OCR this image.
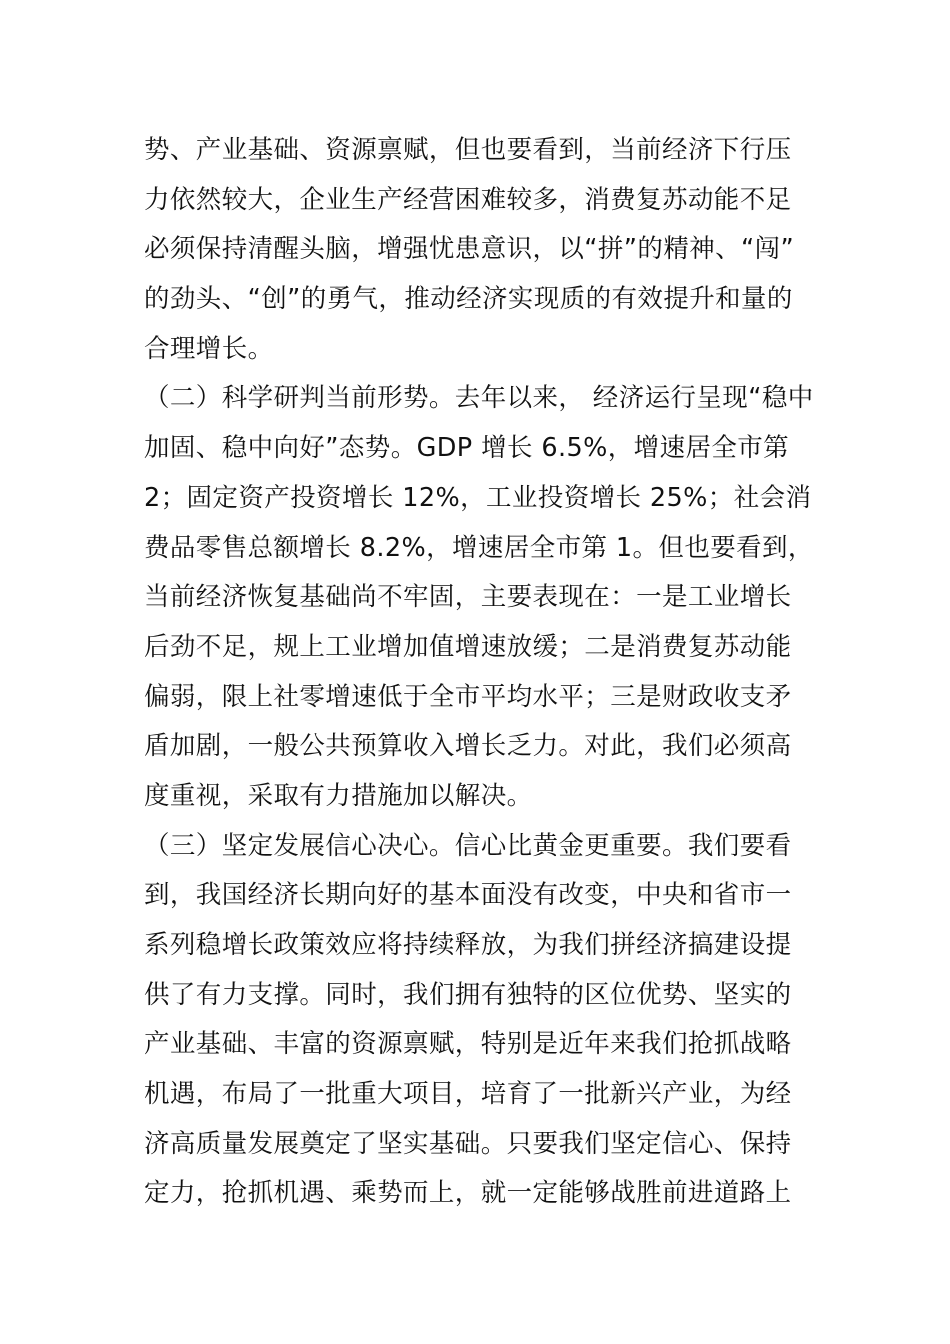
势、产业基础、资源禀赋，但也要看到，当前经济下行压
力依然较大，企业生产经营困难较多，消费复苏动能不足
必须保持清醒头脑，增强忧患意识，以“拼”的精神、“闯”
的劲头、“创”的勇气，推动经济实现质的有效提升和量的
合理增长。
（二）科学研判当前形势。去年以来， 经济运行呈现“稳中
加固、稳中向好”态势。GDP 增长 6.5%，增速居全市第
2；固定资产投资增长 12%，工业投资增长 25%；社会消
费品零售总额增长 8.2%，增速居全市第 1。但也要看到，
当前经济恢复基础尚不牢固，主要表现在：一是工业增长
后劲不足，规上工业增加值增速放缓；二是消费复苏动能
偏弱，限上社零增速低于全市平均水平；三是财政收支矛
盾加剧，一般公共预算收入增长乏力。对此，我们必须高
度重视，采取有力措施加以解决。
（三）坚定发展信心决心。信心比黄金更重要。我们要看
到，我国经济长期向好的基本面没有改变，中央和省市一
系列稳增长政策效应将持续释放，为我们拼经济搞建设提
供了有力支撑。同时，我们拥有独特的区位优势、坚实的
产业基础、丰富的资源禀赋，特别是近年来我们抢抓战略
机遇，布局了一批重大项目，培育了一批新兴产业，为经
济高质量发展奠定了坚实基础。只要我们坚定信心、保持
定力，抢抓机遇、乘势而上，就一定能够战胜前进道路上
